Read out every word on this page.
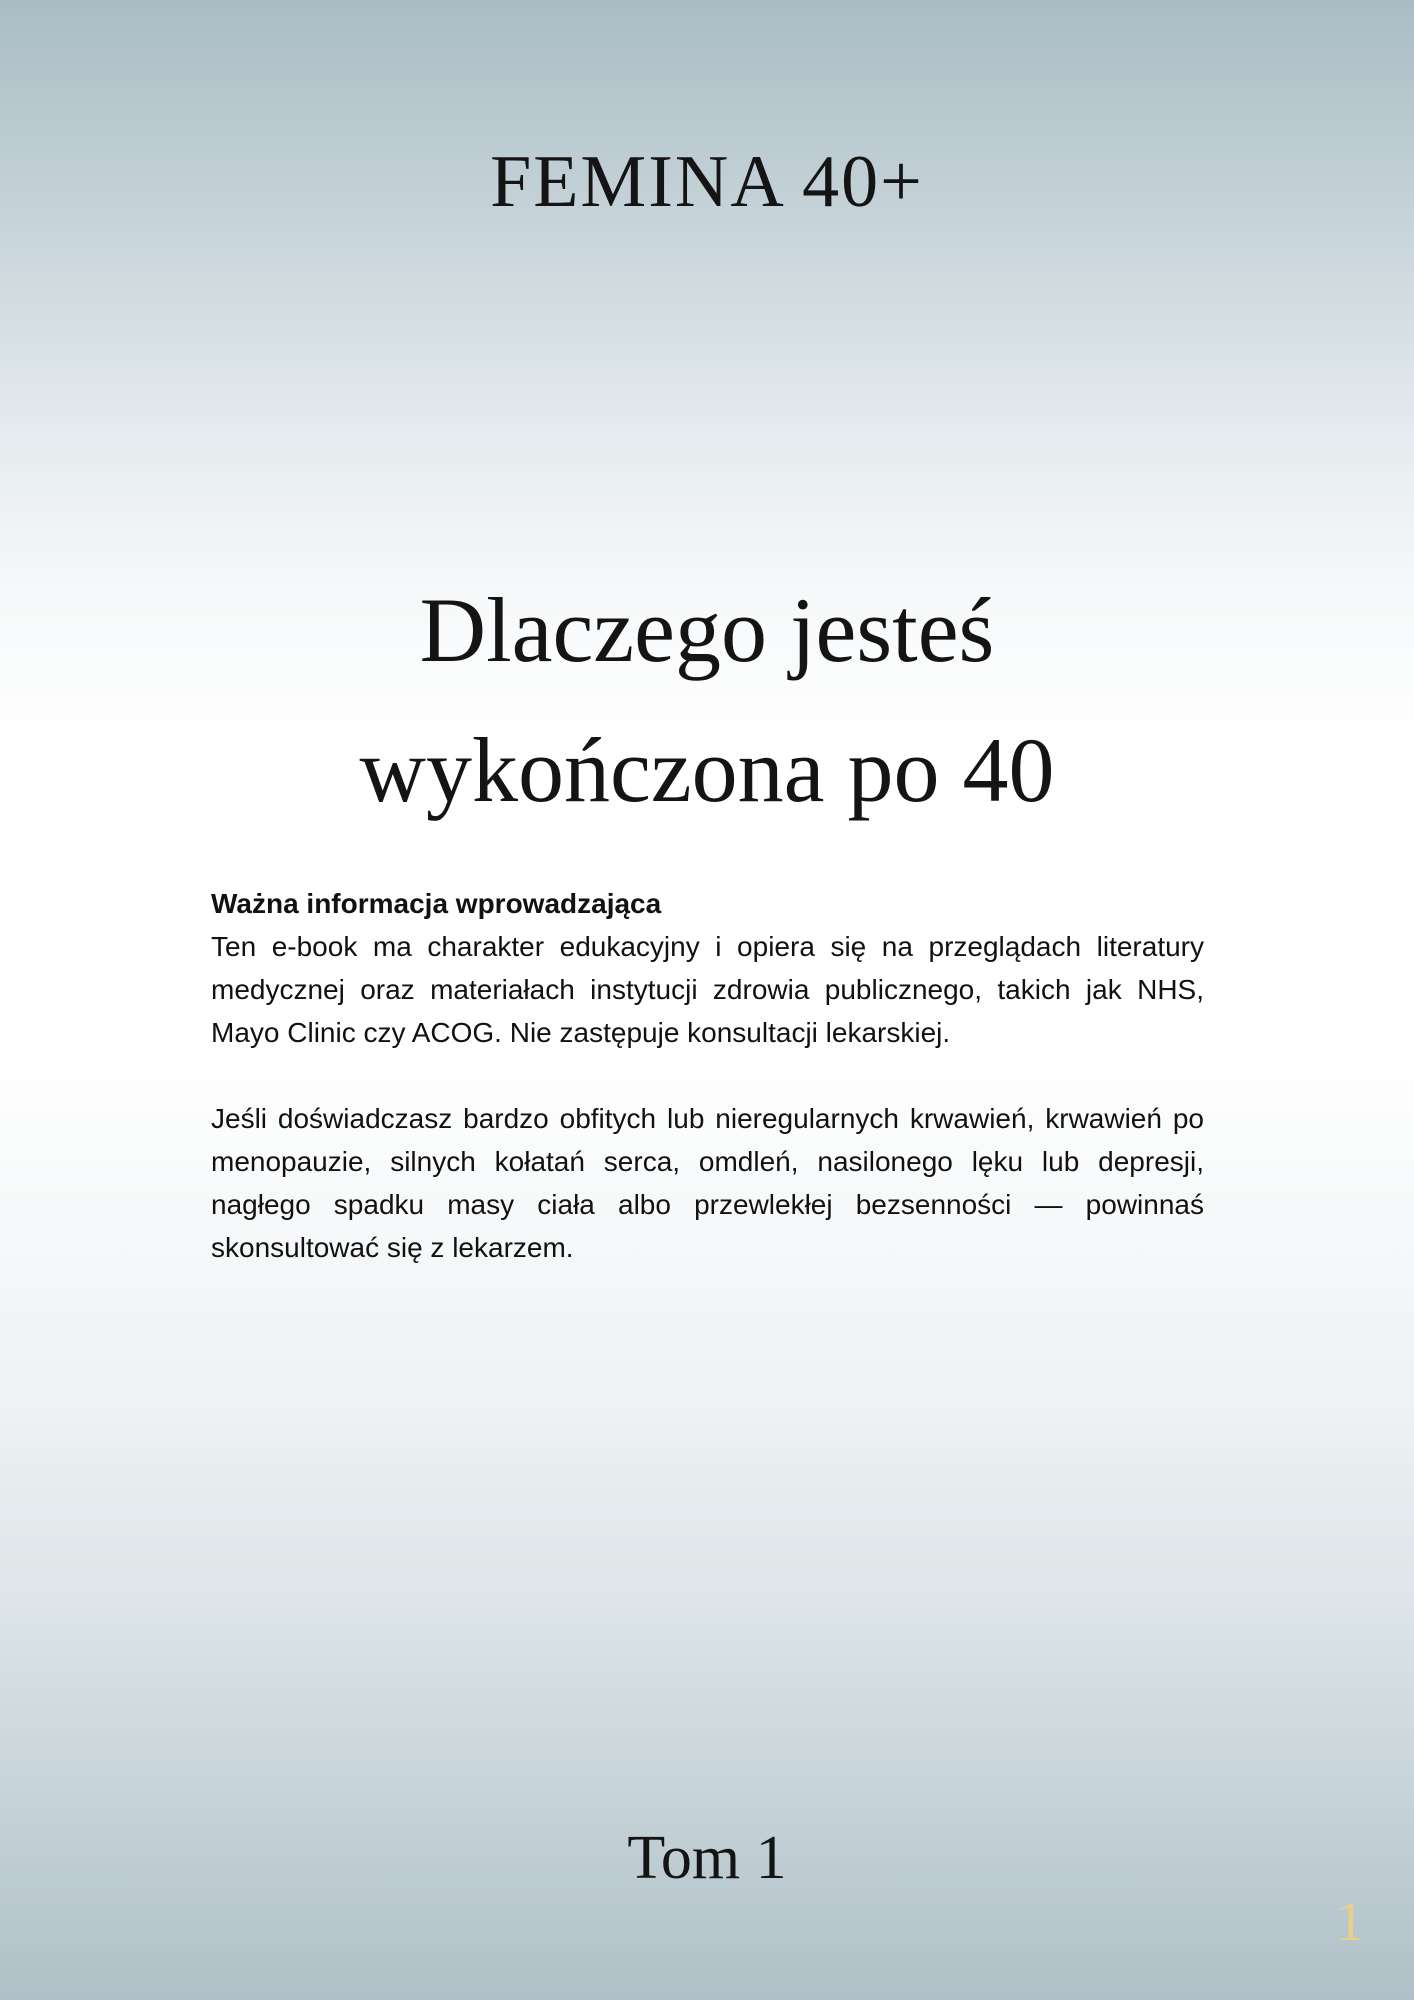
FEMINA 40+
Dlaczego jesteś
wykończona po 40
Ważna informacja wprowadzająca

Ten e-book ma charakter edukacyjny i opiera się na przeglądach literatury medycznej oraz materiałach instytucji zdrowia publicznego, takich jak NHS, Mayo Clinic czy ACOG. Nie zastępuje konsultacji lekarskiej.

Jeśli doświadczasz bardzo obfitych lub nieregularnych krwawień, krwawień po menopauzie, silnych kołatań serca, omdleń, nasilonego lęku lub depresji, nagłego spadku masy ciała albo przewlekłej bezsenności — powinnaś skonsultować się z lekarzem.

Tom 1
1
